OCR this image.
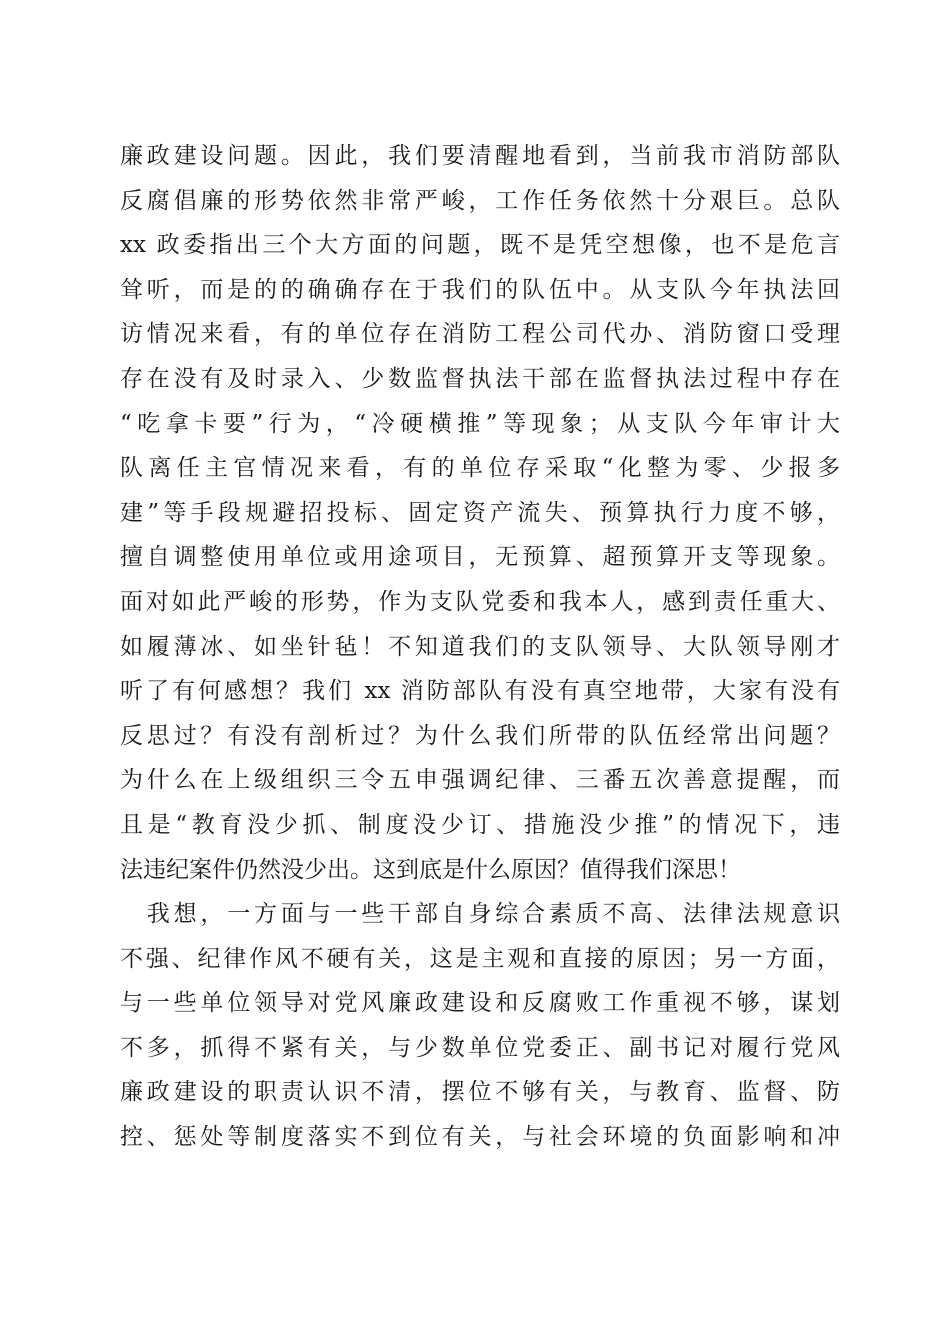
廉政建设问题。因此，我们要清醒地看到，当前我市消防部队
反腐倡廉的形势依然非常严峻，工作任务依然十分艰巨。总队
xx 政委指出三个大方面的问题，既不是凭空想像，也不是危言
耸听，而是的的确确存在于我们的队伍中。从支队今年执法回
访情况来看，有的单位存在消防工程公司代办、消防窗口受理
存在没有及时录入、少数监督执法干部在监督执法过程中存在
“吃拿卡要”行为，“冷硬横推”等现象；从支队今年审计大
队离任主官情况来看，有的单位存采取“化整为零、少报多
建”等手段规避招投标、固定资产流失、预算执行力度不够，
擅自调整使用单位或用途项目，无预算、超预算开支等现象。
面对如此严峻的形势，作为支队党委和我本人，感到责任重大、
如履薄冰、如坐针毡！不知道我们的支队领导、大队领导刚才
听了有何感想？我们 xx 消防部队有没有真空地带，大家有没有
反思过？有没有剖析过？为什么我们所带的队伍经常出问题？
为什么在上级组织三令五申强调纪律、三番五次善意提醒，而
且是“教育没少抓、制度没少订、措施没少推”的情况下，违
法违纪案件仍然没少出。这到底是什么原因？值得我们深思！
　我想，一方面与一些干部自身综合素质不高、法律法规意识
不强、纪律作风不硬有关，这是主观和直接的原因；另一方面，
与一些单位领导对党风廉政建设和反腐败工作重视不够，谋划
不多，抓得不紧有关，与少数单位党委正、副书记对履行党风
廉政建设的职责认识不清，摆位不够有关，与教育、监督、防
控、惩处等制度落实不到位有关，与社会环境的负面影响和冲
